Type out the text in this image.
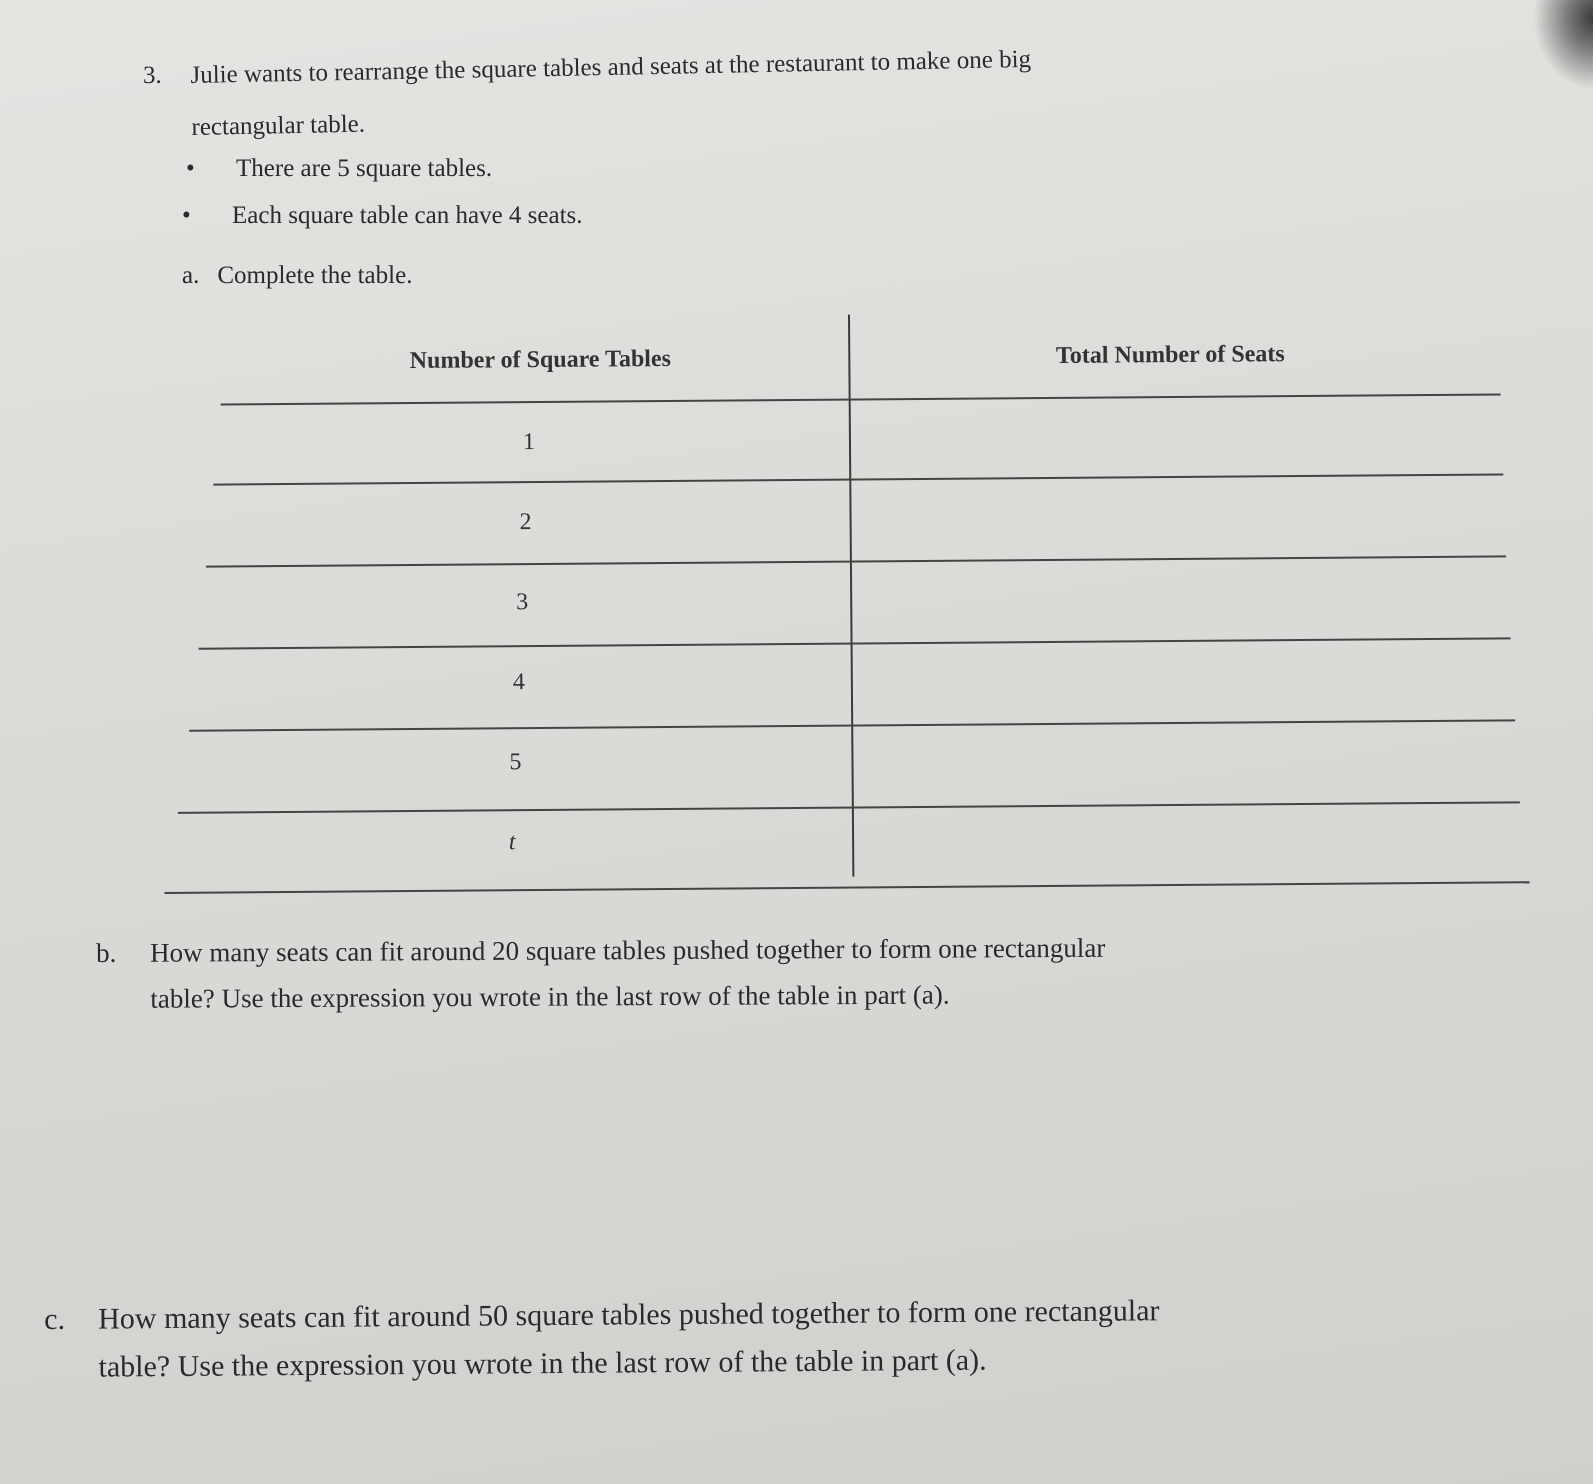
3. Julie wants to rearrange the square tables and seats at the restaurant to make one big
rectangular table.
• There are 5 square tables.
• Each square table can have 4 seats.
a. Complete the table.
Number of Square Tables	Total Number of Seats
1
2
3
4
5
t
b. How many seats can fit around 20 square tables pushed together to form one rectangular
table? Use the expression you wrote in the last row of the table in part (a).
c. How many seats can fit around 50 square tables pushed together to form one rectangular
table? Use the expression you wrote in the last row of the table in part (a).
